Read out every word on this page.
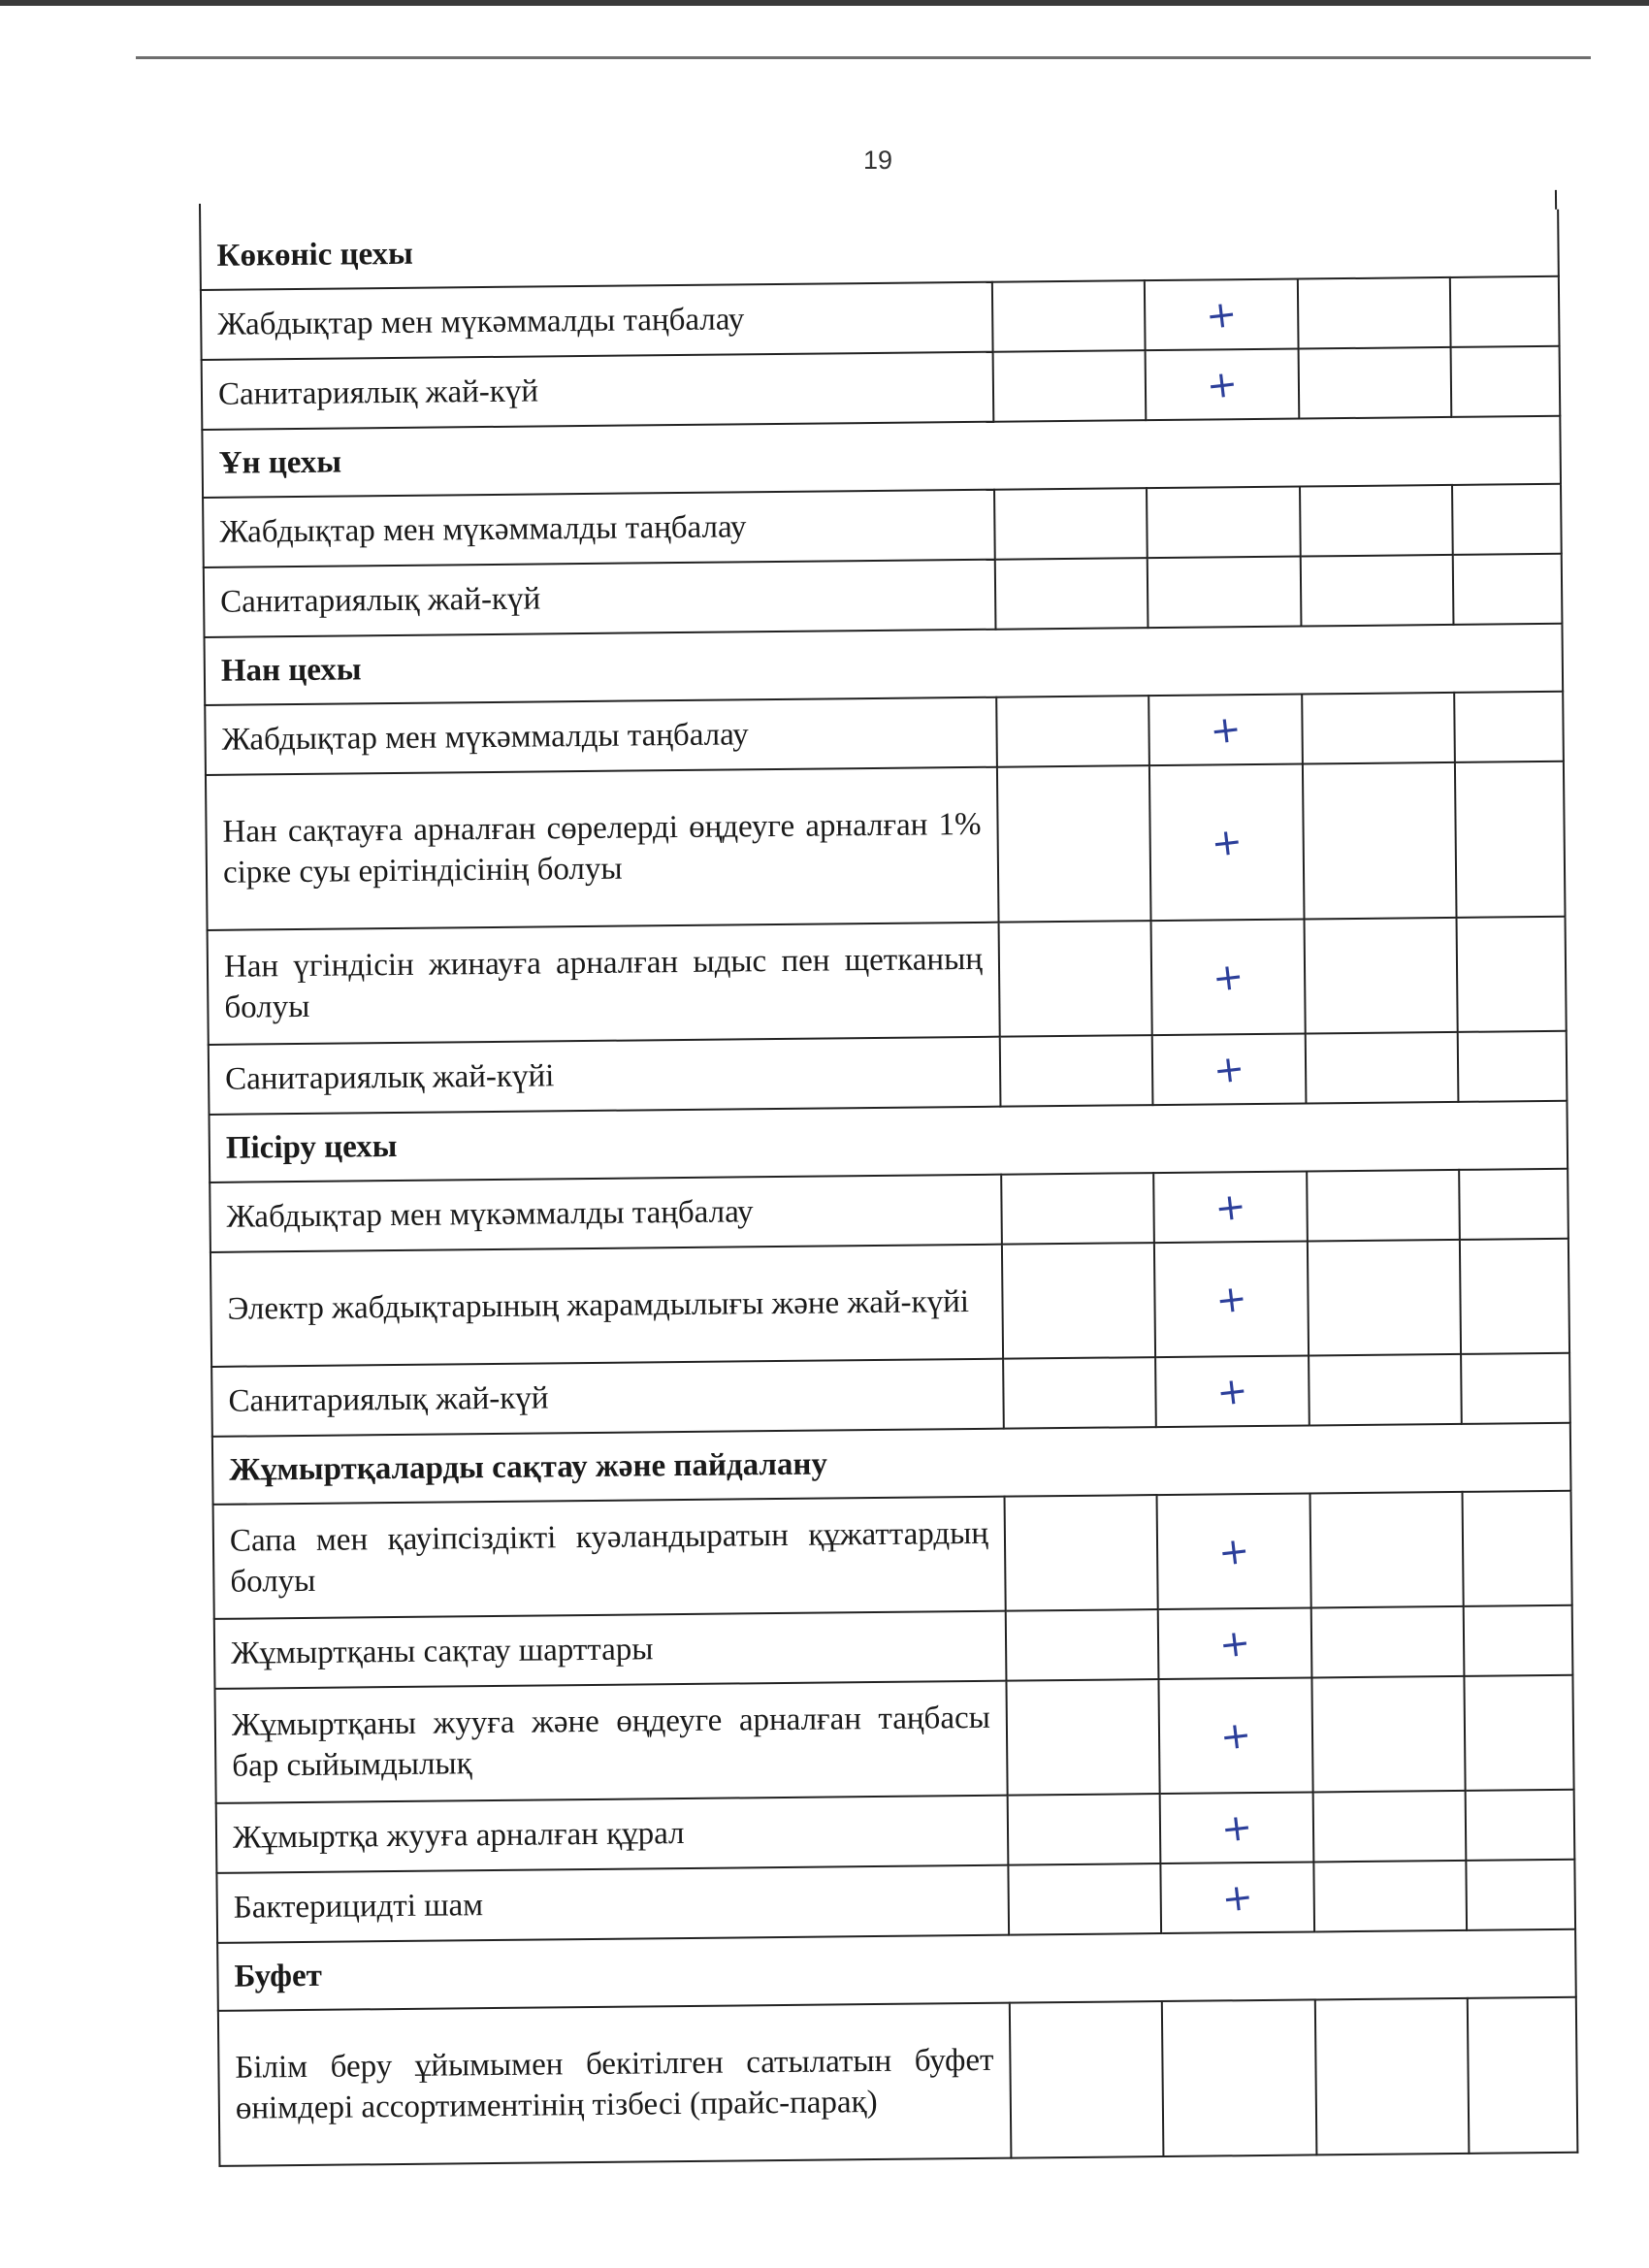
19
Көкөніс цехы				
Жабдықтар мен мүкәммалды таңбалау		+		
Санитариялық жай-күй		+		
Ұн цехы				
Жабдықтар мен мүкәммалды таңбалау				
Санитариялық жай-күй				
Нан цехы				
Жабдықтар мен мүкәммалды таңбалау		+		
Нан сақтауға арналған сөрелерді өңдеуге арналған 1% сірке суы ерітіндісінің болуы		+		
Нан үгіндісін жинауға арналған ыдыс пен щетканың болуы		+		
Санитариялық жай-күйі		+		
Пісіру цехы				
Жабдықтар мен мүкәммалды таңбалау		+		
Электр жабдықтарының жарамдылығы және жай-күйі		+		
Санитариялық жай-күй		+		
Жұмыртқаларды сақтау және пайдалану				
Сапа мен қауіпсіздікті куәландыратын құжаттардың болуы		+		
Жұмыртқаны сақтау шарттары		+		
Жұмыртқаны жууға және өңдеуге арналған таңбасы бар сыйымдылық		+		
Жұмыртқа жууға арналған құрал		+		
Бактерицидті шам		+		
Буфет				
Білім беру ұйымымен бекітілген сатылатын буфет өнімдері ассортиментінің тізбесі (прайс-парақ)				
